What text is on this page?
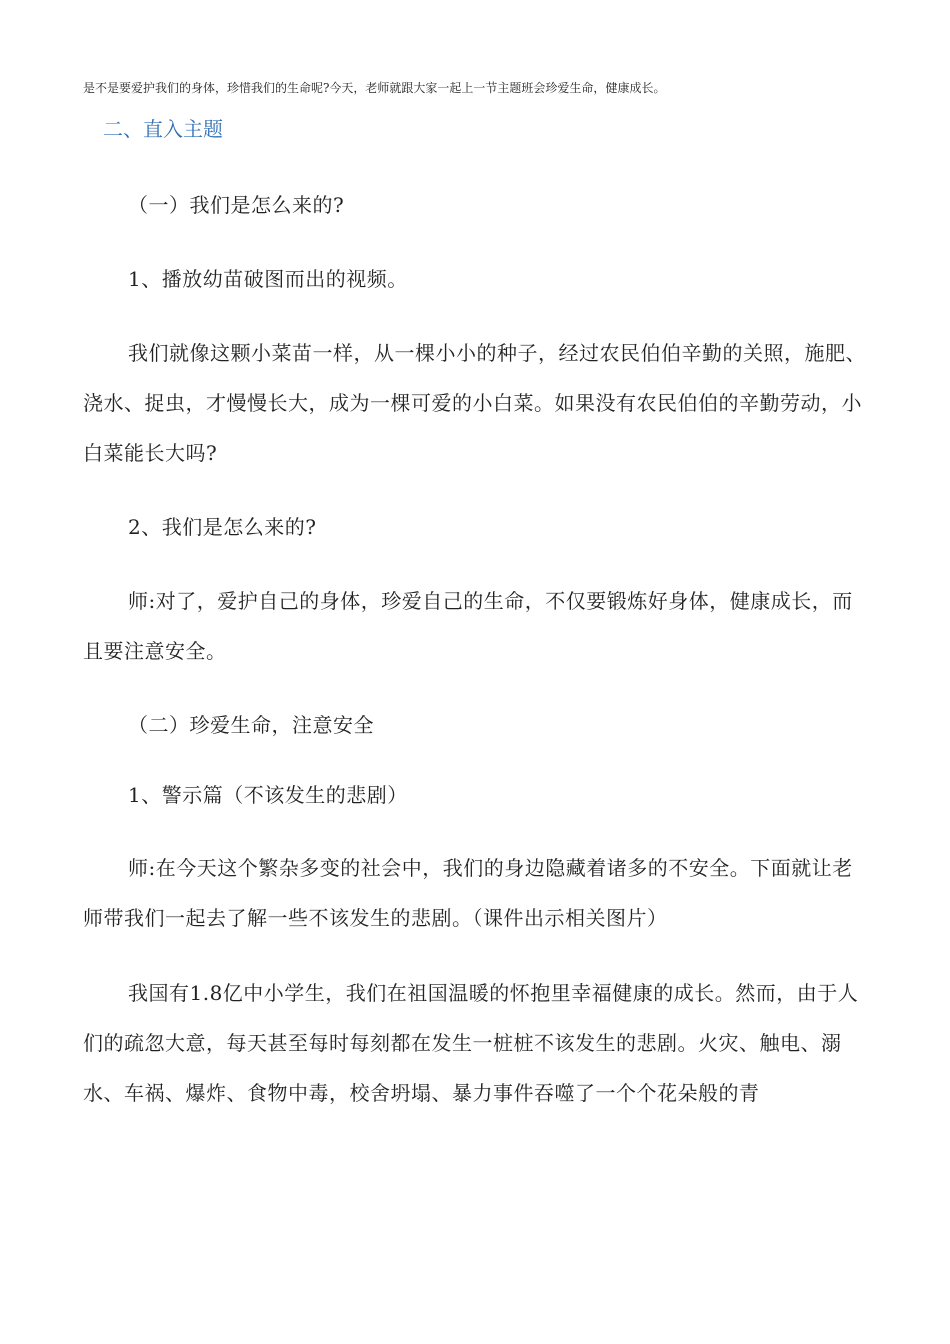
是不是要爱护我们的身体，珍惜我们的生命呢?今天，老师就跟大家一起上一节主题班会珍爱生命，健康成长。
二、直入主题
（一）我们是怎么来的?
1、播放幼苗破图而出的视频。
我们就像这颗小菜苗一样，从一棵小小的种子，经过农民伯伯辛勤的关照，施肥、浇水、捉虫，才慢慢长大，成为一棵可爱的小白菜。如果没有农民伯伯的辛勤劳动，小白菜能长大吗?
2、我们是怎么来的?
师:对了，爱护自己的身体，珍爱自己的生命，不仅要锻炼好身体，健康成长，而且要注意安全。
（二）珍爱生命，注意安全
1、警示篇（不该发生的悲剧）
师:在今天这个繁杂多变的社会中，我们的身边隐藏着诸多的不安全。下面就让老师带我们一起去了解一些不该发生的悲剧。（课件出示相关图片）
我国有1.8亿中小学生，我们在祖国温暖的怀抱里幸福健康的成长。然而，由于人们的疏忽大意，每天甚至每时每刻都在发生一桩桩不该发生的悲剧。火灾、触电、溺水、车祸、爆炸、食物中毒，校舍坍塌、暴力事件吞噬了一个个花朵般的青
